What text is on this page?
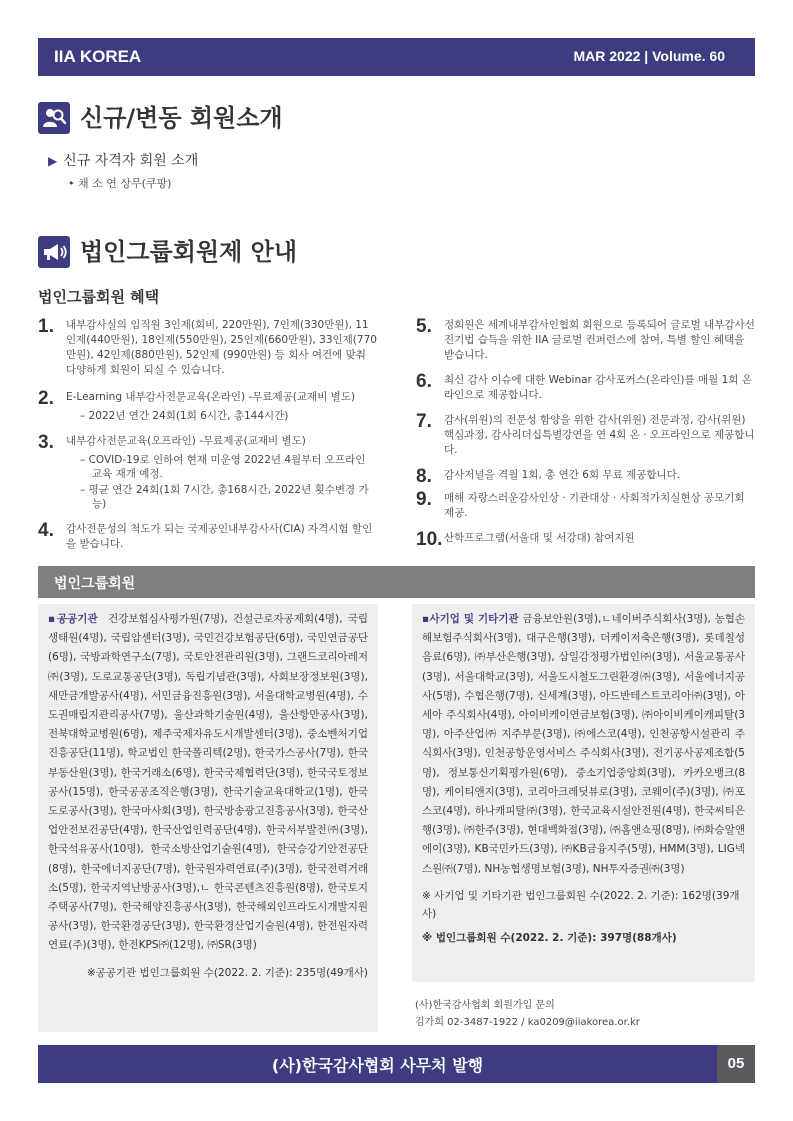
IIA KOREA	MAR 2022 | Volume. 60
신규/변동 회원소개
▶ 신규 자격자 회원 소개
• 채 소 연 상무(쿠팡)
법인그룹회원제 안내
법인그룹회원 혜택
1. 내부감사실의 임직원 3인제(회비, 220만원), 7인제(330만원), 11인제(440만원), 18인제(550만원), 25인제(660만원), 33인제(770만원), 42인제(880만원), 52인제 (990만원) 등 회사 여건에 맞춰 다양하게 회원이 되실 수 있습니다.
2. E-Learning 내부감사전문교육(온라인) -무료제공(교재비 별도)
– 2022년 연간 24회(1회 6시간, 총144시간)
3. 내부감사전문교육(오프라인) -무료제공(교재비 별도)
– COVID-19로 인하여 현재 미운영 2022년 4월부터 오프라인 교육 재개 예정.
– 평균 연간 24회(1회 7시간, 총168시간, 2022년 횟수변경 가능)
4. 감사전문성의 척도가 되는 국제공인내부감사사(CIA) 자격시험 할인을 받습니다.
5. 정회원은 세계내부감사인협회 회원으로 등록되어 글로벌 내부감사선진기법 습득을 위한 IIA 글로벌 컨퍼런스에 참여, 특별 할인 혜택을 받습니다.
6. 최신 감사 이슈에 대한 Webinar 감사포커스(온라인)를 매월 1회 온라인으로 제공합니다.
7. 감사(위원)의 전문성 함양을 위한 감사(위원) 전문과정, 감사(위원) 핵심과정, 감사리더십특별강연을 연 4회 온 · 오프라인으로 제공합니다.
8. 감사저널을 격월 1회, 총 연간 6회 무료 제공합니다.
9. 매해 자랑스러운감사인상 · 기관대상 · 사회적가치실현상 공모기회 제공.
10. 산학프로그램(서울대 및 서강대) 참여지원
법인그룹회원

▪공공기관 건강보험심사평가원(7명), 건설근로자공제회(4명), 국립생태원(4명), 국립암센터(3명), 국민건강보험공단(6명), 국민연금공단(6명), 국방과학연구소(7명), 국토안전관리원(3명), 그랜드코리아레저㈜(3명), 도로교통공단(3명), 독립기념관(3명), 사회보장정보원(3명), 새만금개발공사(4명), 서민금융진흥원(3명), 서울대학교병원(4명), 수도권매립지관리공사(7명), 울산과학기술원(4명), 울산항만공사(3명), 전북대학교병원(6명), 제주국제자유도시개발센터(3명), 중소벤처기업진흥공단(11명), 학교법인 한국폴리텍(2명), 한국가스공사(7명), 한국부동산원(3명), 한국거래소(6명), 한국국제협력단(3명), 한국국토정보공사(15명), 한국공공조직은행(3명), 한국기술교육대학교(1명), 한국도로공사(3명), 한국마사회(3명), 한국방송광고진흥공사(3명), 한국산업안전보건공단(4명), 한국산업인력공단(4명), 한국서부발전㈜(3명), 한국석유공사(10명), 한국소방산업기술원(4명), 한국승강기안전공단(8명), 한국에너지공단(7명), 한국원자력연료(주)(3명), 한국전력거래소(5명), 한국지역난방공사(3명),ㄴ 한국콘텐츠진흥원(8명), 한국토지주택공사(7명), 한국해양진흥공사(3명), 한국해외인프라도시개발지원공사(3명), 한국환경공단(3명), 한국환경산업기술원(4명), 한전원자력연료(주)(3명), 한전KPS㈜(12명), ㈜SR(3명)

※공공기관 법인그룹회원 수(2022. 2. 기준): 235명(49개사)

▪사기업 및 기타기관 금융보안원(3명),ㄴ네이버주식회사(3명), 농협손해보험주식회사(3명), 대구은행(3명), 더케이저축은행(3명), 롯데칠성음료(6명), ㈜부산은행(3명), 삼일감정평가법인㈜(3명), 서울교통공사(3명), 서울대학교(3명), 서울도시철도그린환경㈜(3명), 서울에너지공사(5명), 수협은행(7명), 신세계(3명), 아드반테스트코리아㈜(3명), 아세아 주식회사(4명), 아이비케이연금보험(3명), ㈜아이비케이캐피탈(3명), 아주산업㈜ 지주부문(3명), ㈜에스코(4명), 인천공항시설관리 주식회사(3명), 인천공항운영서비스 주식회사(3명), 전기공사공제조합(5명), 정보통신기획평가원(6명), 중소기업중앙회(3명), 카카오뱅크(8명), 케이티앤지(3명), 코리아크레딧뷰로(3명), 코웨이(주)(3명), ㈜포스코(4명), 하나캐피탈㈜(3명), 한국교육시설안전원(4명), 한국씨티은행(3명), ㈜한주(3명), 현대백화점(3명), ㈜홈앤쇼핑(8명), ㈜화승알앤에이(3명), KB국민카드(3명), ㈜KB금융지주(5명), HMM(3명), LIG넥스원㈜(7명), NH농협생명보험(3명), NH투자증권㈜(3명)

※ 사기업 및 기타기관 법인그룹회원 수(2022. 2. 기준): 162명(39개사)
※ 법인그룹회원 수(2022. 2. 기준): 397명(88개사)
(사)한국감사협회 회원가입 문의
김가희 02-3487-1922 / ka0209@iiakorea.or.kr
(사)한국감사협회 사무처 발행	05
